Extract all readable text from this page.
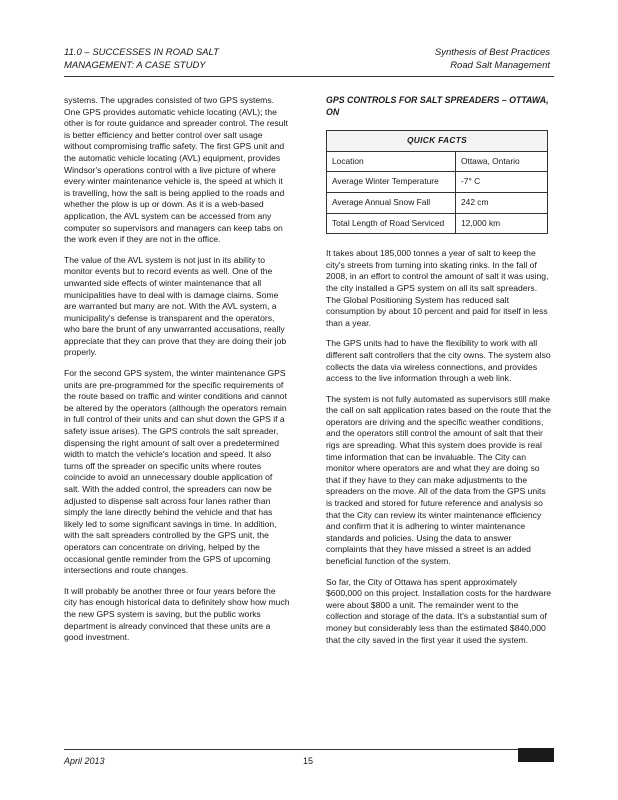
11.0 – SUCCESSES IN ROAD SALT
MANAGEMENT: A CASE STUDY
Synthesis of Best Practices
Road Salt Management

systems. The upgrades consisted of two GPS systems. One GPS provides automatic vehicle locating (AVL); the other is for route guidance and spreader control. The result is better efficiency and better control over salt usage without compromising traffic safety. The first GPS unit and the automatic vehicle locating (AVL) equipment, provides Windsor's operations control with a live picture of where every winter maintenance vehicle is, the speed at which it is travelling, how the salt is being applied to the roads and whether the plow is up or down. As it is a web-based application, the AVL system can be accessed from any computer so supervisors and managers can keep tabs on the work even if they are not in the office.

The value of the AVL system is not just in its ability to monitor events but to record events as well. One of the unwanted side effects of winter maintenance that all municipalities have to deal with is damage claims. Some are warranted but many are not. With the AVL system, a municipality's defense is transparent and the operators, who bare the brunt of any unwarranted accusations, really appreciate that they can prove that they are doing their job properly.

For the second GPS system, the winter maintenance GPS units are pre-programmed for the specific requirements of the route based on traffic and winter conditions and cannot be altered by the operators (although the operators remain in full control of their units and can shut down the GPS if a safety issue arises). The GPS controls the salt spreader, dispensing the right amount of salt over a predetermined width to match the vehicle's location and speed. It also turns off the spreader on specific units where routes coincide to avoid an unnecessary double application of salt. With the added control, the spreaders can now be adjusted to dispense salt across four lanes rather than simply the lane directly behind the vehicle and that has likely led to some significant savings in time. In addition, with the salt spreaders controlled by the GPS unit, the operators can concentrate on driving, helped by the occasional gentle reminder from the GPS of upcoming intersections and route changes.

It will probably be another three or four years before the city has enough historical data to definitely show how much the new GPS system is saving, but the public works department is already convinced that these units are a good investment.

GPS CONTROLS FOR SALT SPREADERS – OTTAWA, ON
QUICK FACTS	
Location	Ottawa, Ontario
Average Winter Temperature	-7° C
Average Annual Snow Fall	242 cm
Total Length of Road Serviced	12,000 km

It takes about 185,000 tonnes a year of salt to keep the city's streets from turning into skating rinks. In the fall of 2008, in an effort to control the amount of salt it was using, the city installed a GPS system on all its salt spreaders. The Global Positioning System has reduced salt consumption by about 10 percent and paid for itself in less than a year.

The GPS units had to have the flexibility to work with all different salt controllers that the city owns. The system also collects the data via wireless connections, and provides access to the live information through a web link.

The system is not fully automated as supervisors still make the call on salt application rates based on the route that the operators are driving and the specific weather conditions, and the operators still control the amount of salt that their rigs are spreading. What this system does provide is real time information that can be invaluable. The City can monitor where operators are and what they are doing so that if they have to they can make adjustments to the spreaders on the move. All of the data from the GPS units is tracked and stored for future reference and analysis so that the City can review its winter maintenance efficiency and confirm that it is adhering to winter maintenance standards and policies. Using the data to answer complaints that they have missed a street is an added beneficial function of the system.

So far, the City of Ottawa has spent approximately $600,000 on this project. Installation costs for the hardware were about $800 a unit. The remainder went to the collection and storage of the data. It's a substantial sum of money but considerably less than the estimated $840,000 that the city saved in the first year it used the system.

April 2013	15
